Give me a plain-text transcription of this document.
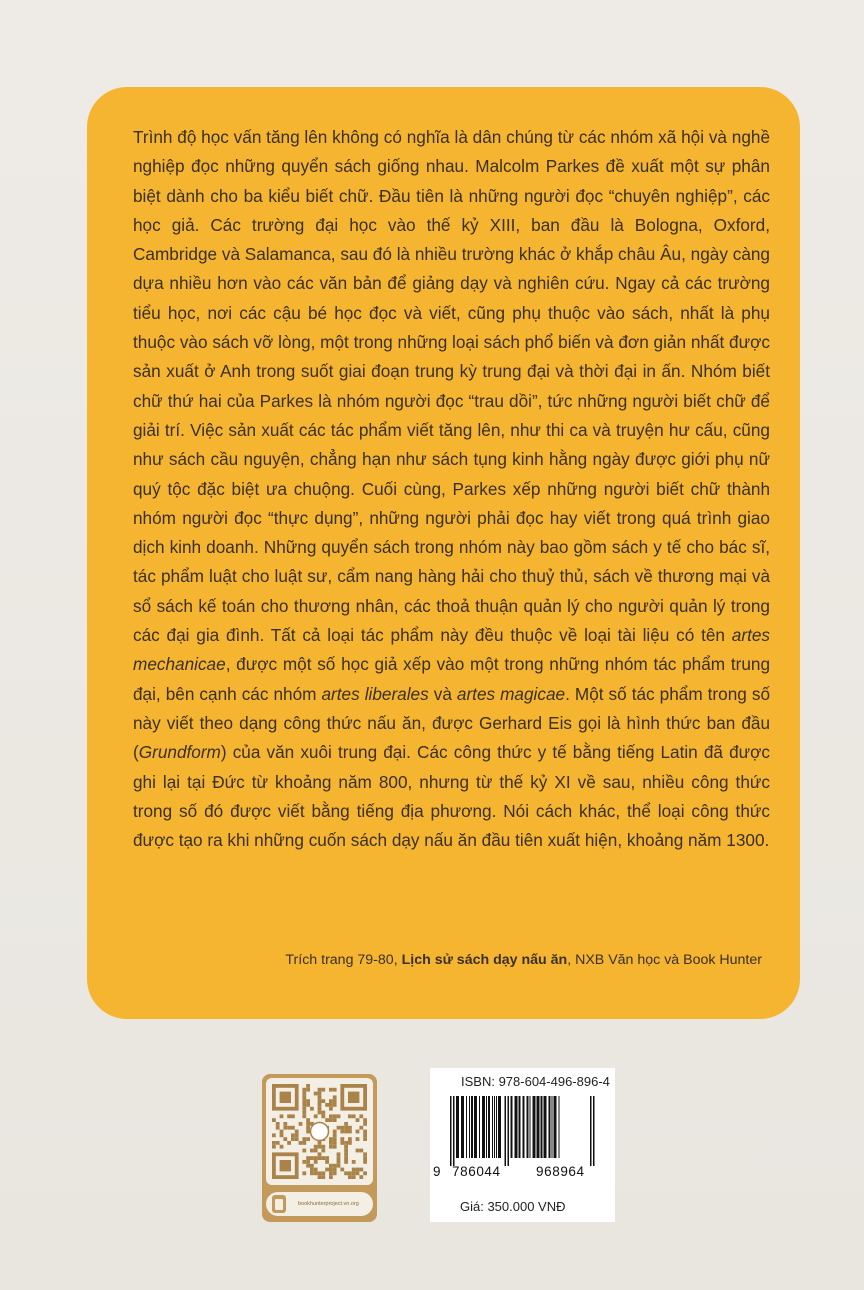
Trình độ học vấn tăng lên không có nghĩa là dân chúng từ các nhóm xã hội và nghề nghiệp đọc những quyển sách giống nhau. Malcolm Parkes đề xuất một sự phân biệt dành cho ba kiểu biết chữ. Đầu tiên là những người đọc “chuyên nghiệp”, các học giả. Các trường đại học vào thế kỷ XIII, ban đầu là Bologna, Oxford, Cambridge và Salamanca, sau đó là nhiều trường khác ở khắp châu Âu, ngày càng dựa nhiều hơn vào các văn bản để giảng dạy và nghiên cứu. Ngay cả các trường tiểu học, nơi các cậu bé học đọc và viết, cũng phụ thuộc vào sách, nhất là phụ thuộc vào sách vỡ lòng, một trong những loại sách phổ biến và đơn giản nhất được sản xuất ở Anh trong suốt giai đoạn trung kỳ trung đại và thời đại in ấn. Nhóm biết chữ thứ hai của Parkes là nhóm người đọc “trau dồi”, tức những người biết chữ để giải trí. Việc sản xuất các tác phẩm viết tăng lên, như thi ca và truyện hư cấu, cũng như sách cầu nguyện, chẳng hạn như sách tụng kinh hằng ngày được giới phụ nữ quý tộc đặc biệt ưa chuộng. Cuối cùng, Parkes xếp những người biết chữ thành nhóm người đọc “thực dụng”, những người phải đọc hay viết trong quá trình giao dịch kinh doanh. Những quyển sách trong nhóm này bao gồm sách y tế cho bác sĩ, tác phẩm luật cho luật sư, cẩm nang hàng hải cho thuỷ thủ, sách về thương mại và sổ sách kế toán cho thương nhân, các thoả thuận quản lý cho người quản lý trong các đại gia đình. Tất cả loại tác phẩm này đều thuộc về loại tài liệu có tên artes mechanicae, được một số học giả xếp vào một trong những nhóm tác phẩm trung đại, bên cạnh các nhóm artes liberales và artes magicae. Một số tác phẩm trong số này viết theo dạng công thức nấu ăn, được Gerhard Eis gọi là hình thức ban đầu (Grundform) của văn xuôi trung đại. Các công thức y tế bằng tiếng Latin đã được ghi lại tại Đức từ khoảng năm 800, nhưng từ thế kỷ XI về sau, nhiều công thức trong số đó được viết bằng tiếng địa phương. Nói cách khác, thể loại công thức được tạo ra khi những cuốn sách dạy nấu ăn đầu tiên xuất hiện, khoảng năm 1300.

Trích trang 79-80, Lịch sử sách dạy nấu ăn, NXB Văn học và Book Hunter
bookhunterproject.vn.org
ISBN: 978-604-496-896-4
9 786044	968964
Giá: 350.000 VNĐ
